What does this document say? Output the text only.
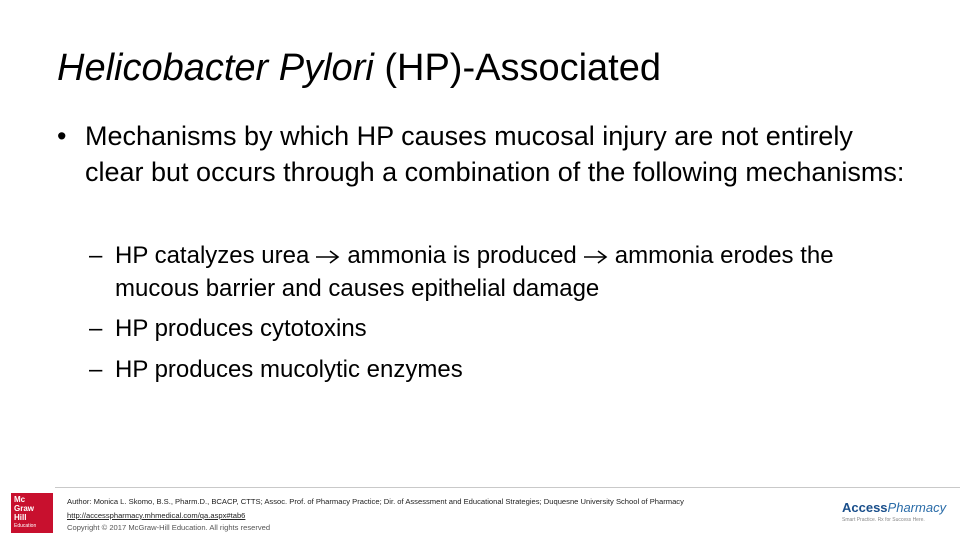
Helicobacter Pylori (HP)-Associated
• Mechanisms by which HP causes mucosal injury are not entirely clear but occurs through a combination of the following mechanisms:
– HP catalyzes urea ammonia is produced ammonia erodes the mucous barrier and causes epithelial damage
– HP produces cytotoxins
– HP produces mucolytic enzymes
Mc
Graw
Hill
Education
Author: Monica L. Skomo, B.S., Pharm.D., BCACP, CTTS; Assoc. Prof. of Pharmacy Practice; Dir. of Assessment and Educational Strategies; Duquesne University School of Pharmacy
http://accesspharmacy.mhmedical.com/qa.aspx#tab6
Copyright © 2017 McGraw-Hill Education. All rights reserved
AccessPharmacy
Smart Practice. Rx for Success Here.
